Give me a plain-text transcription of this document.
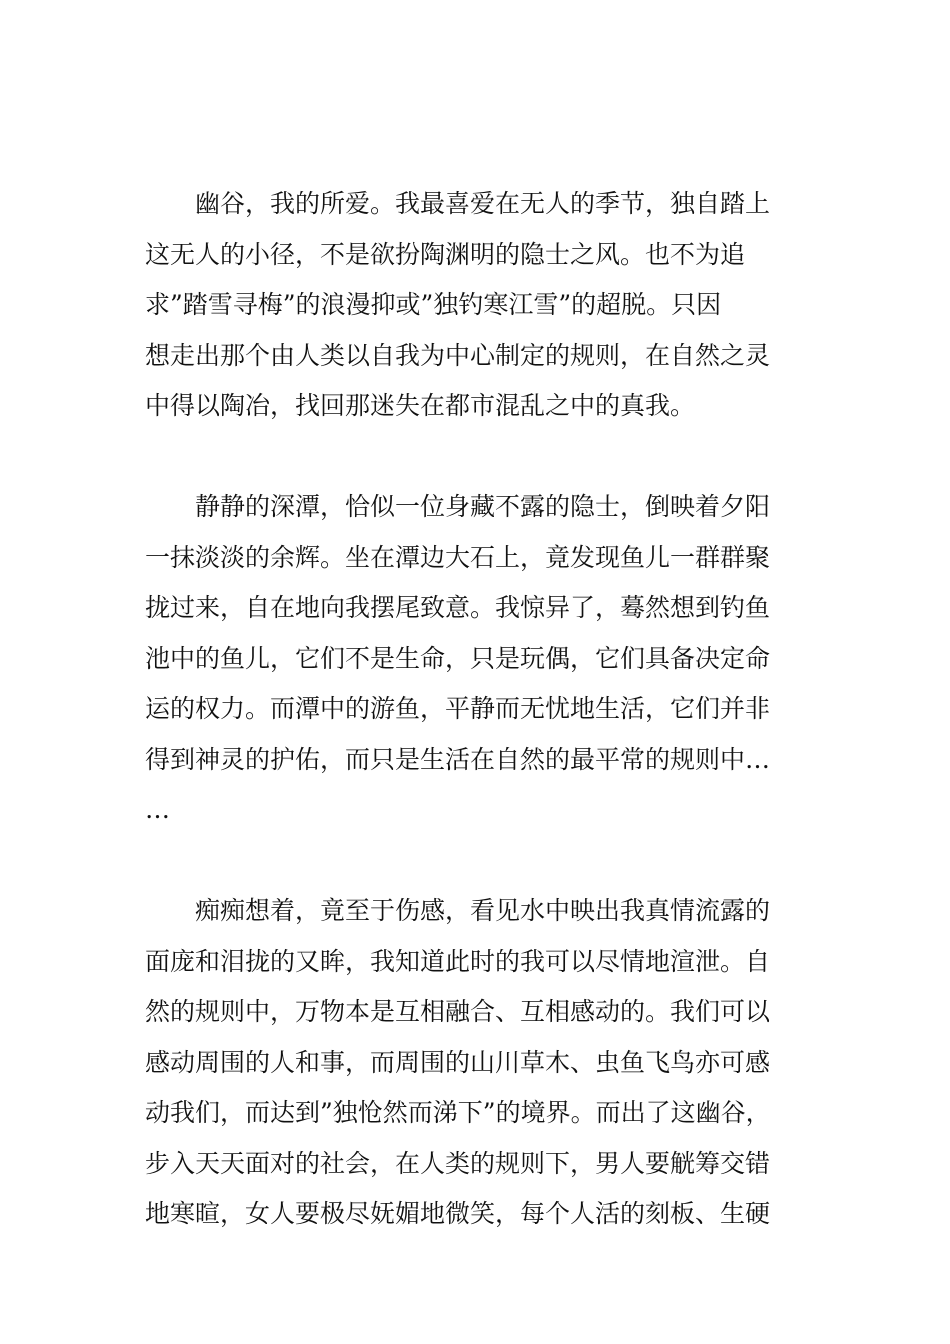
幽谷，我的所爱。我最喜爱在无人的季节，独自踏上
这无人的小径，不是欲扮陶渊明的隐士之风。也不为追
求”踏雪寻梅”的浪漫抑或”独钓寒江雪”的超脱。只因
想走出那个由人类以自我为中心制定的规则，在自然之灵
中得以陶冶，找回那迷失在都市混乱之中的真我。
静静的深潭，恰似一位身藏不露的隐士，倒映着夕阳
一抹淡淡的余辉。坐在潭边大石上，竟发现鱼儿一群群聚
拢过来，自在地向我摆尾致意。我惊异了，蓦然想到钓鱼
池中的鱼儿，它们不是生命，只是玩偶，它们具备决定命
运的权力。而潭中的游鱼，平静而无忧地生活，它们并非
得到神灵的护佑，而只是生活在自然的最平常的规则中…
…
痴痴想着，竟至于伤感，看见水中映出我真情流露的
面庞和泪拢的又眸，我知道此时的我可以尽情地渲泄。自
然的规则中，万物本是互相融合、互相感动的。我们可以
感动周围的人和事，而周围的山川草木、虫鱼飞鸟亦可感
动我们，而达到”独怆然而涕下”的境界。而出了这幽谷，
步入天天面对的社会，在人类的规则下，男人要觥筹交错
地寒暄，女人要极尽妩媚地微笑，每个人活的刻板、生硬
